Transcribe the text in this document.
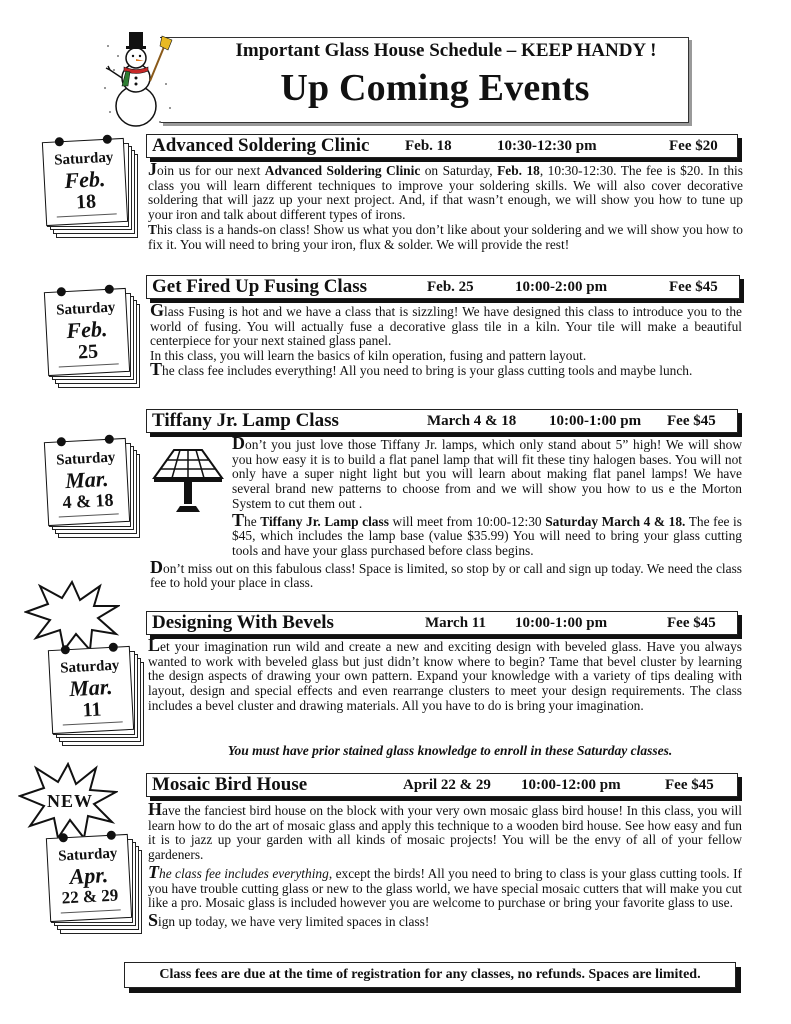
Important Glass House Schedule – KEEP HANDY !
Up Coming Events
Saturday
Feb.
18
Advanced Soldering Clinic Feb. 18	10:30-12:30 pm	Fee $20

Join us for our next Advanced Soldering Clinic on Saturday, Feb. 18, 10:30-12:30. The fee is $20. In this class you will learn different techniques to improve your soldering skills. We will also cover decorative soldering that will jazz up your next project. And, if that wasn’t enough, we will show you how to tune up your iron and talk about different types of irons.

This class is a hands-on class! Show us what you don’t like about your soldering and we will show you how to fix it. You will need to bring your iron, flux & solder. We will provide the rest!

Saturday
Feb.
25
Get Fired Up Fusing Class	Feb. 25	10:00-2:00 pm	Fee $45

Glass Fusing is hot and we have a class that is sizzling! We have designed this class to introduce you to the world of fusing. You will actually fuse a decorative glass tile in a kiln. Your tile will make a beautiful centerpiece for your next stained glass panel.

In this class, you will learn the basics of kiln operation, fusing and pattern layout.

The class fee includes everything! All you need to bring is your glass cutting tools and maybe lunch.

Saturday
Mar.
4 & 18
Tiffany Jr. Lamp Class	March 4 & 18 10:00-1:00 pm Fee $45

Don’t you just love those Tiffany Jr. lamps, which only stand about 5” high! We will show you how easy it is to build a flat panel lamp that will fit these tiny halogen bases. You will not only have a super night light but you will learn about making flat panel lamps! We have several brand new patterns to choose from and we will show you how to us e the Morton System to cut them out .

The Tiffany Jr. Lamp class will meet from 10:00-12:30 Saturday March 4 & 18. The fee is $45, which includes the lamp base (value $35.99) You will need to bring your glass cutting tools and have your glass purchased before class begins.

Don’t miss out on this fabulous class! Space is limited, so stop by or call and sign up today. We need the class fee to hold your place in class.

Saturday
Mar.
11
Designing With Bevels	March 11 10:00-1:00 pm	Fee $45

Let your imagination run wild and create a new and exciting design with beveled glass. Have you always wanted to work with beveled glass but just didn’t know where to begin? Tame that bevel cluster by learning the design aspects of drawing your own pattern. Expand your knowledge with a variety of tips dealing with layout, design and special effects and even rearrange clusters to meet your design requirements. The class includes a bevel cluster and drawing materials. All you have to do is bring your imagination.

You must have prior stained glass knowledge to enroll in these Saturday classes.
NEW
Saturday
Apr.
22 & 29
Mosaic Bird House	April 22 & 29 10:00-12:00 pm	Fee $45

Have the fanciest bird house on the block with your very own mosaic glass bird house! In this class, you will learn how to do the art of mosaic glass and apply this technique to a wooden bird house. See how easy and fun it is to jazz up your garden with all kinds of mosaic projects! You will be the envy of all of your fellow gardeners.

The class fee includes everything, except the birds! All you need to bring to class is your glass cutting tools. If you have trouble cutting glass or new to the glass world, we have special mosaic cutters that will make you cut like a pro. Mosaic glass is included however you are welcome to purchase or bring your favorite glass to use.

Sign up today, we have very limited spaces in class!

Class fees are due at the time of registration for any classes, no refunds. Spaces are limited.
